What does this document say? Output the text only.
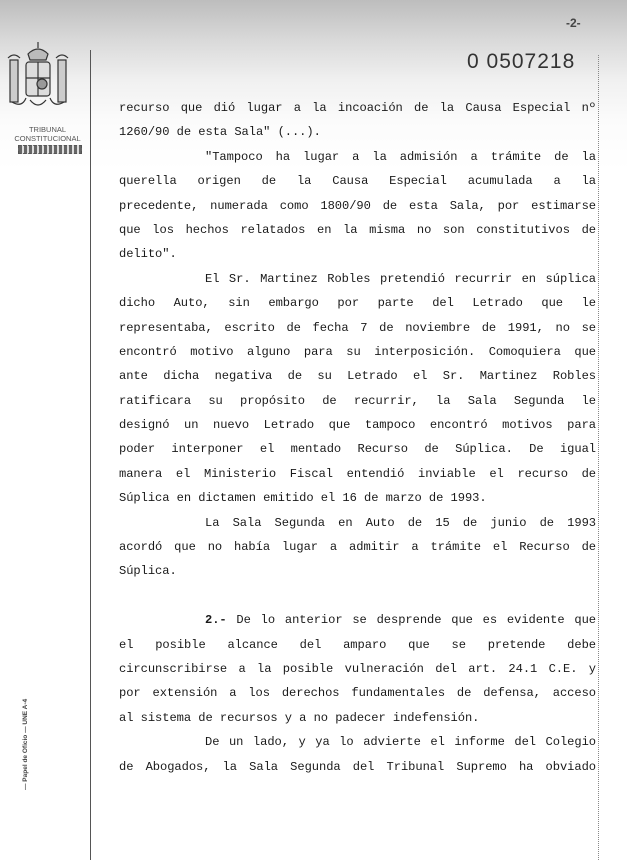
-2-
0 0507218
TRIBUNAL
CONSTITUCIONAL
— Papel de Oficio — UNE A-4
recurso que dió lugar a la incoación de la Causa Especial nº
1260/90 de esta Sala" (...).
"Tampoco ha lugar a la admisión a trámite de la
querella origen de la Causa Especial acumulada a la
precedente, numerada como 1800/90 de esta Sala, por estimarse
que los hechos relatados en la misma no son constitutivos de
delito".
El Sr. Martinez Robles pretendió recurrir en súplica
dicho Auto, sin embargo por parte del Letrado que le
representaba, escrito de fecha 7 de noviembre de 1991, no se
encontró motivo alguno para su interposición. Comoquiera que
ante dicha negativa de su Letrado el Sr. Martinez Robles
ratificara su propósito de recurrir, la Sala Segunda le
designó un nuevo Letrado que tampoco encontró motivos para
poder interponer el mentado Recurso de Súplica. De igual
manera el Ministerio Fiscal entendió inviable el recurso de
Súplica en dictamen emitido el 16 de marzo de 1993.
La Sala Segunda en Auto de 15 de junio de 1993
acordó que no había lugar a admitir a trámite el Recurso de
Súplica.
2.- De lo anterior se desprende que es evidente que
el posible alcance del amparo que se pretende debe
circunscribirse a la posible vulneración del art. 24.1 C.E. y
por extensión a los derechos fundamentales de defensa, acceso
al sistema de recursos y a no padecer indefensión.
De un lado, y ya lo advierte el informe del Colegio
de Abogados, la Sala Segunda del Tribunal Supremo ha obviado
